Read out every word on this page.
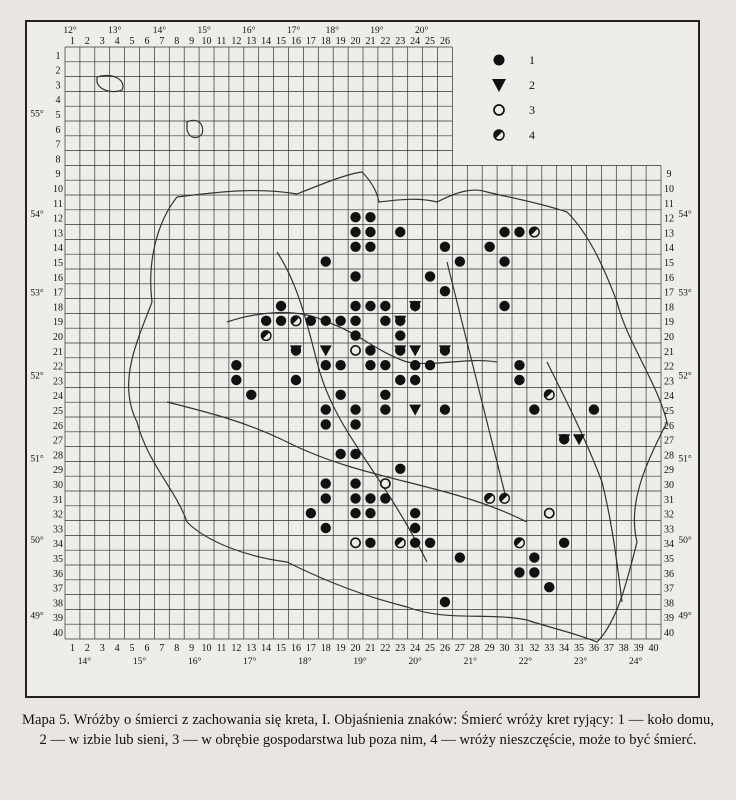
1 2 3 4 5 6 7 8 9 10 11 12 13 14 15 16 17 18 19 20 21 22 23 24 25 26
1 2 3 4 5 6 7 8 9 10 11 12 13 14 15 16 17 18 19 20 21 22 23 24 25 26 27 28 29 30 31 32 33 34 35 36 37 38 39 40
1
2
3
4
5
6
7
8
9
10
11
12
13
14
15
16
17
18
19
20
21
22
23
24
25
26
27
28
29
30
31
32
33
34
35
36
37
38
39
40
9
10
11
12
13
14
15
16
17
18
19
20
21
22
23
24
25
26
27
28
29
30
31
32
33
34
35
36
37
38
39
40
12°	13°	14°	15°	16°	17°	18°	19°	20°
14°	15°	16°	17°	18°	19°	20°	21°	22°	23°	24°
55°
54°
53°
52°
51°
50°
49°
54°
53°
52°
51°
50°
49°
1
2
3
4
Mapa 5. Wróżby o śmierci z zachowania się kreta, I. Objaśnienia znaków: Śmierć wróży kret ryjący: 1 — koło domu, 2 — w izbie lub sieni, 3 — w obrębie gospodarstwa lub poza nim, 4 — wróży nieszczęście, może to być śmierć.
